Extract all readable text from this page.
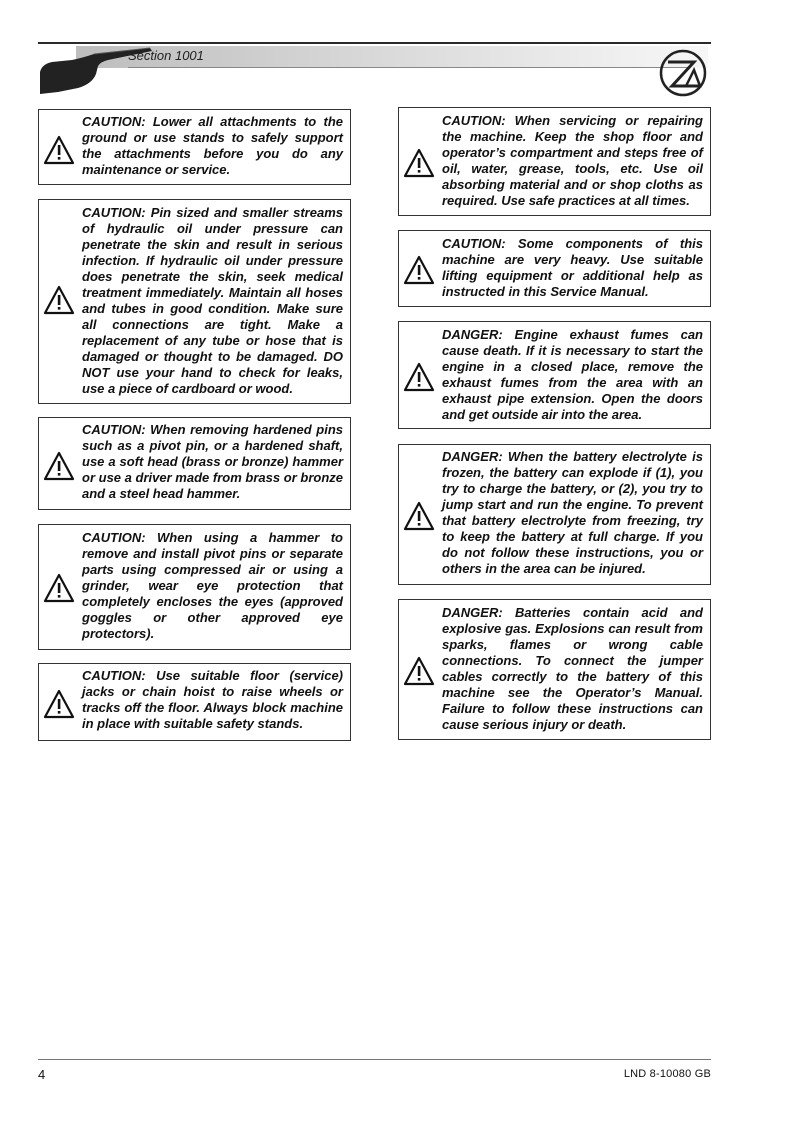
Section 1001
CAUTION: Lower all attachments to the ground or use stands to safely support the attachments before you do any maintenance or service.
CAUTION: Pin sized and smaller streams of hydraulic oil under pressure can penetrate the skin and result in serious infection. If hydraulic oil under pressure does penetrate the skin, seek medical treatment immediately. Maintain all hoses and tubes in good condition. Make sure all connections are tight. Make a replacement of any tube or hose that is damaged or thought to be damaged. DO NOT use your hand to check for leaks, use a piece of cardboard or wood.
CAUTION: When removing hardened pins such as a pivot pin, or a hardened shaft, use a soft head (brass or bronze) hammer or use a driver made from brass or bronze and a steel head hammer.
CAUTION: When using a hammer to remove and install pivot pins or separate parts using compressed air or using a grinder, wear eye protection that completely encloses the eyes (approved goggles or other approved eye protectors).
CAUTION: Use suitable floor (service) jacks or chain hoist to raise wheels or tracks off the floor. Always block machine in place with suitable safety stands.
CAUTION: When servicing or repairing the machine. Keep the shop floor and operator’s compartment and steps free of oil, water, grease, tools, etc. Use oil absorbing material and or shop cloths as required. Use safe practices at all times.
CAUTION: Some components of this machine are very heavy. Use suitable lifting equipment or additional help as instructed in this Service Manual.
DANGER: Engine exhaust fumes can cause death. If it is necessary to start the engine in a closed place, remove the exhaust fumes from the area with an exhaust pipe extension. Open the doors and get outside air into the area.
DANGER: When the battery electrolyte is frozen, the battery can explode if (1), you try to charge the battery, or (2), you try to jump start and run the engine. To prevent that battery electrolyte from freezing, try to keep the battery at full charge. If you do not follow these instructions, you or others in the area can be injured.
DANGER: Batteries contain acid and explosive gas. Explosions can result from sparks, flames or wrong cable connections. To connect the jumper cables correctly to the battery of this machine see the Operator’s Manual. Failure to follow these instructions can cause serious injury or death.
4	LND 8-10080 GB
